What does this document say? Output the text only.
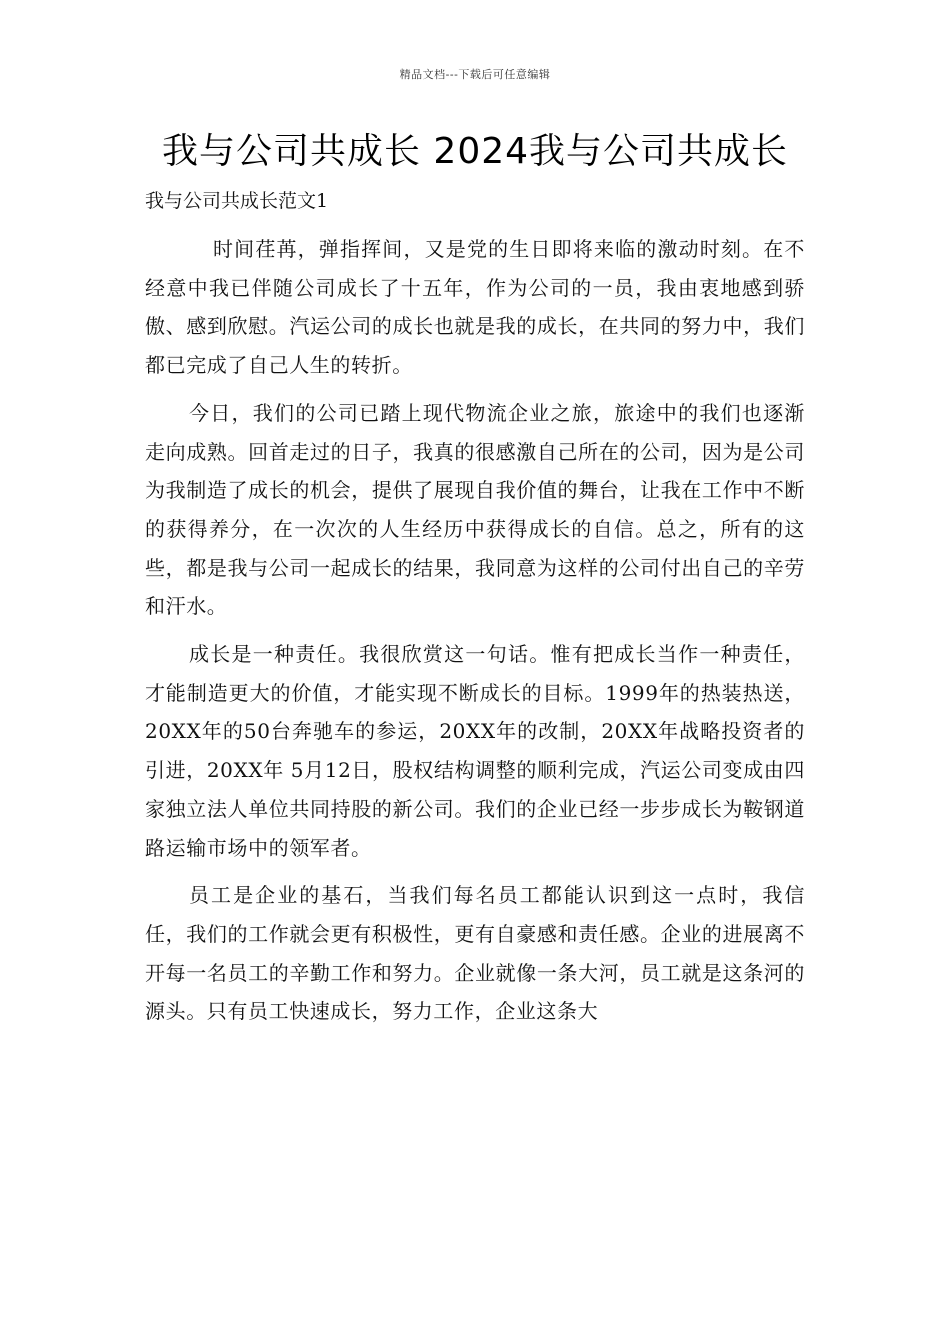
精品文档---下载后可任意编辑
我与公司共成长 2024我与公司共成长
我与公司共成长范文1

时间荏苒，弹指挥间，又是党的生日即将来临的激动时刻。在不经意中我已伴随公司成长了十五年，作为公司的一员，我由衷地感到骄傲、感到欣慰。汽运公司的成长也就是我的成长，在共同的努力中，我们都已完成了自己人生的转折。

今日，我们的公司已踏上现代物流企业之旅，旅途中的我们也逐渐走向成熟。回首走过的日子，我真的很感激自己所在的公司，因为是公司为我制造了成长的机会，提供了展现自我价值的舞台，让我在工作中不断的获得养分，在一次次的人生经历中获得成长的自信。总之，所有的这些，都是我与公司一起成长的结果，我同意为这样的公司付出自己的辛劳和汗水。

成长是一种责任。我很欣赏这一句话。惟有把成长当作一种责任，才能制造更大的价值，才能实现不断成长的目标。1999年的热装热送，20XX年的50台奔驰车的参运，20XX年的改制，20XX年战略投资者的引进，20XX年 5月12日，股权结构调整的顺利完成，汽运公司变成由四家独立法人单位共同持股的新公司。我们的企业已经一步步成长为鞍钢道路运输市场中的领军者。

员工是企业的基石，当我们每名员工都能认识到这一点时，我信任，我们的工作就会更有积极性，更有自豪感和责任感。企业的进展离不开每一名员工的辛勤工作和努力。企业就像一条大河，员工就是这条河的源头。只有员工快速成长，努力工作，企业这条大
